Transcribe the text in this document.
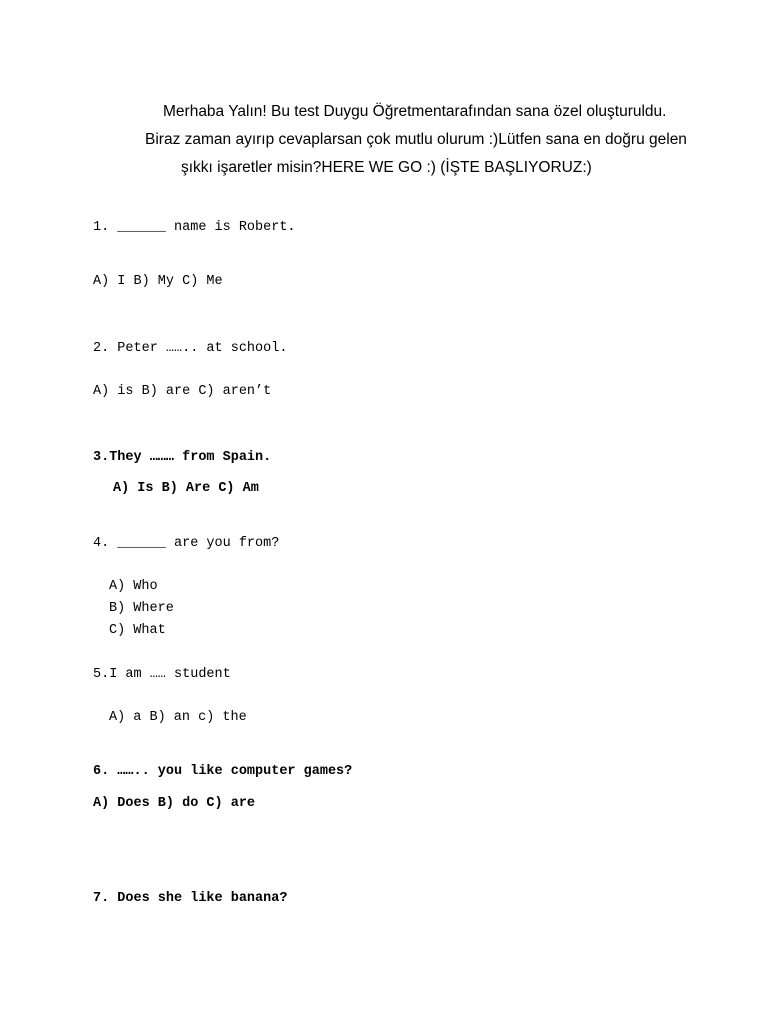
Merhaba Yalın! Bu test Duygu Öğretmentarafından sana özel oluşturuldu.
Biraz zaman ayırıp cevaplarsan çok mutlu olurum :)Lütfen sana en doğru gelen
şıkkı işaretler misin?HERE WE GO :) (İŞTE BAŞLIYORUZ:)
1. ______ name is Robert.
A) I B) My C) Me
2. Peter …….. at school.
A) is B) are C) aren’t
3.They ……… from Spain.
A) Is B) Are C) Am
4. ______ are you from?
A) Who
B) Where
C) What
5.I am …… student
A) a B) an c) the
6. …….. you like computer games?
A) Does B) do C) are
7. Does she like banana?
